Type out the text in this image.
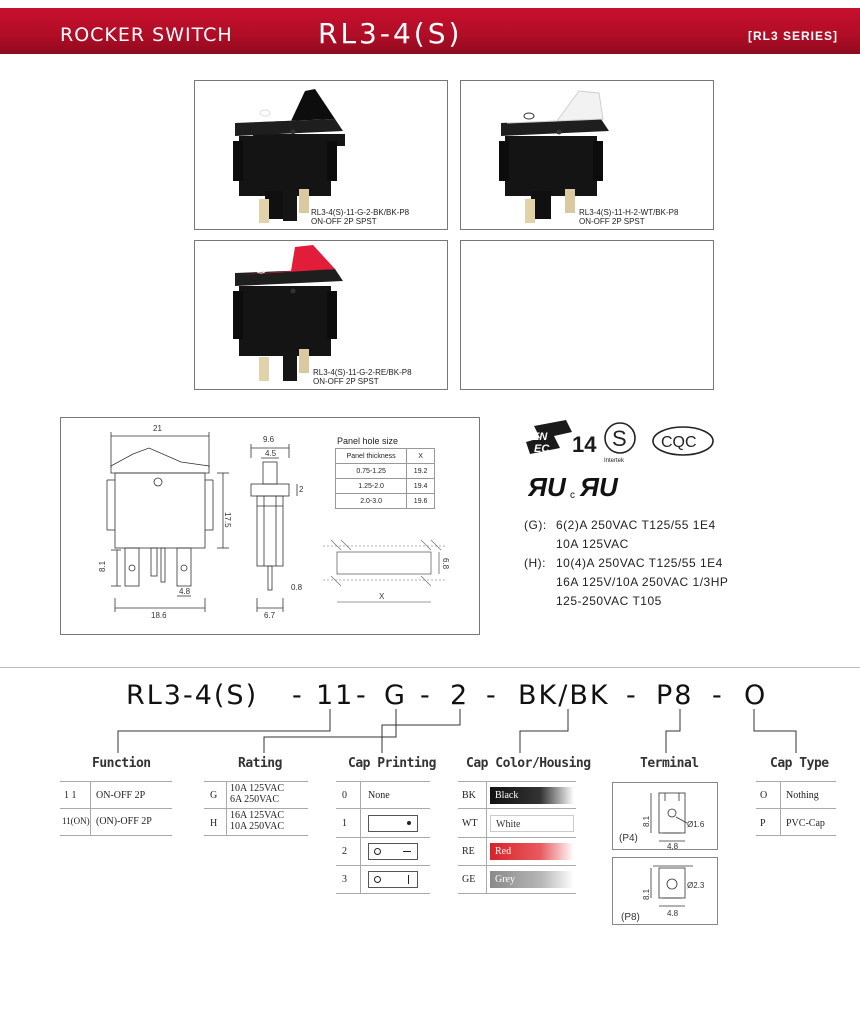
ROCKER SWITCH	RL3-4(S)	[RL3 SERIES]
RL3-4(S)-11-G-2-BK/BK-P8
ON-OFF 2P SPST
RL3-4(S)-11-H-2-WT/BK-P8
ON-OFF 2P SPST
RL3-4(S)-11-G-2-RE/BK-P8
ON-OFF 2P SPST
21
17.5
8.1
4.8
18.6
9.6
4.5
2
0.8
6.7
X
6.8
Panel hole size
Panel thickness	X
0.75-1.25	19.2
1.25-2.0	19.4
2.0-3.0	19.6
EN
EC 14 S
Intertek
CQC
ЯU c ЯU
(G): 6(2)A 250VAC T125/55 1E4
10A 125VAC
(H): 10(4)A 250VAC T125/55 1E4
16A 125V/10A 250VAC 1/3HP
125-250VAC T105
RL3-4(S) - 11 - G - 2 - BK/BK - P8 - O
Function
1 1 ON-OFF 2P
11(ON) (ON)-OFF 2P
Rating
G
10A 125VAC
6A 250VAC
H
16A 125VAC
10A 250VAC
Cap Printing
0 None
1
2
3
Cap Color/Housing
BK	Black
WT	White
RE	Red
GE	Grey
Terminal
8.1	Ø1.6
4.8
(P4)
8.1
Ø2.3
4.8
(P8)
Cap Type
O Nothing
P PVC-Cap
